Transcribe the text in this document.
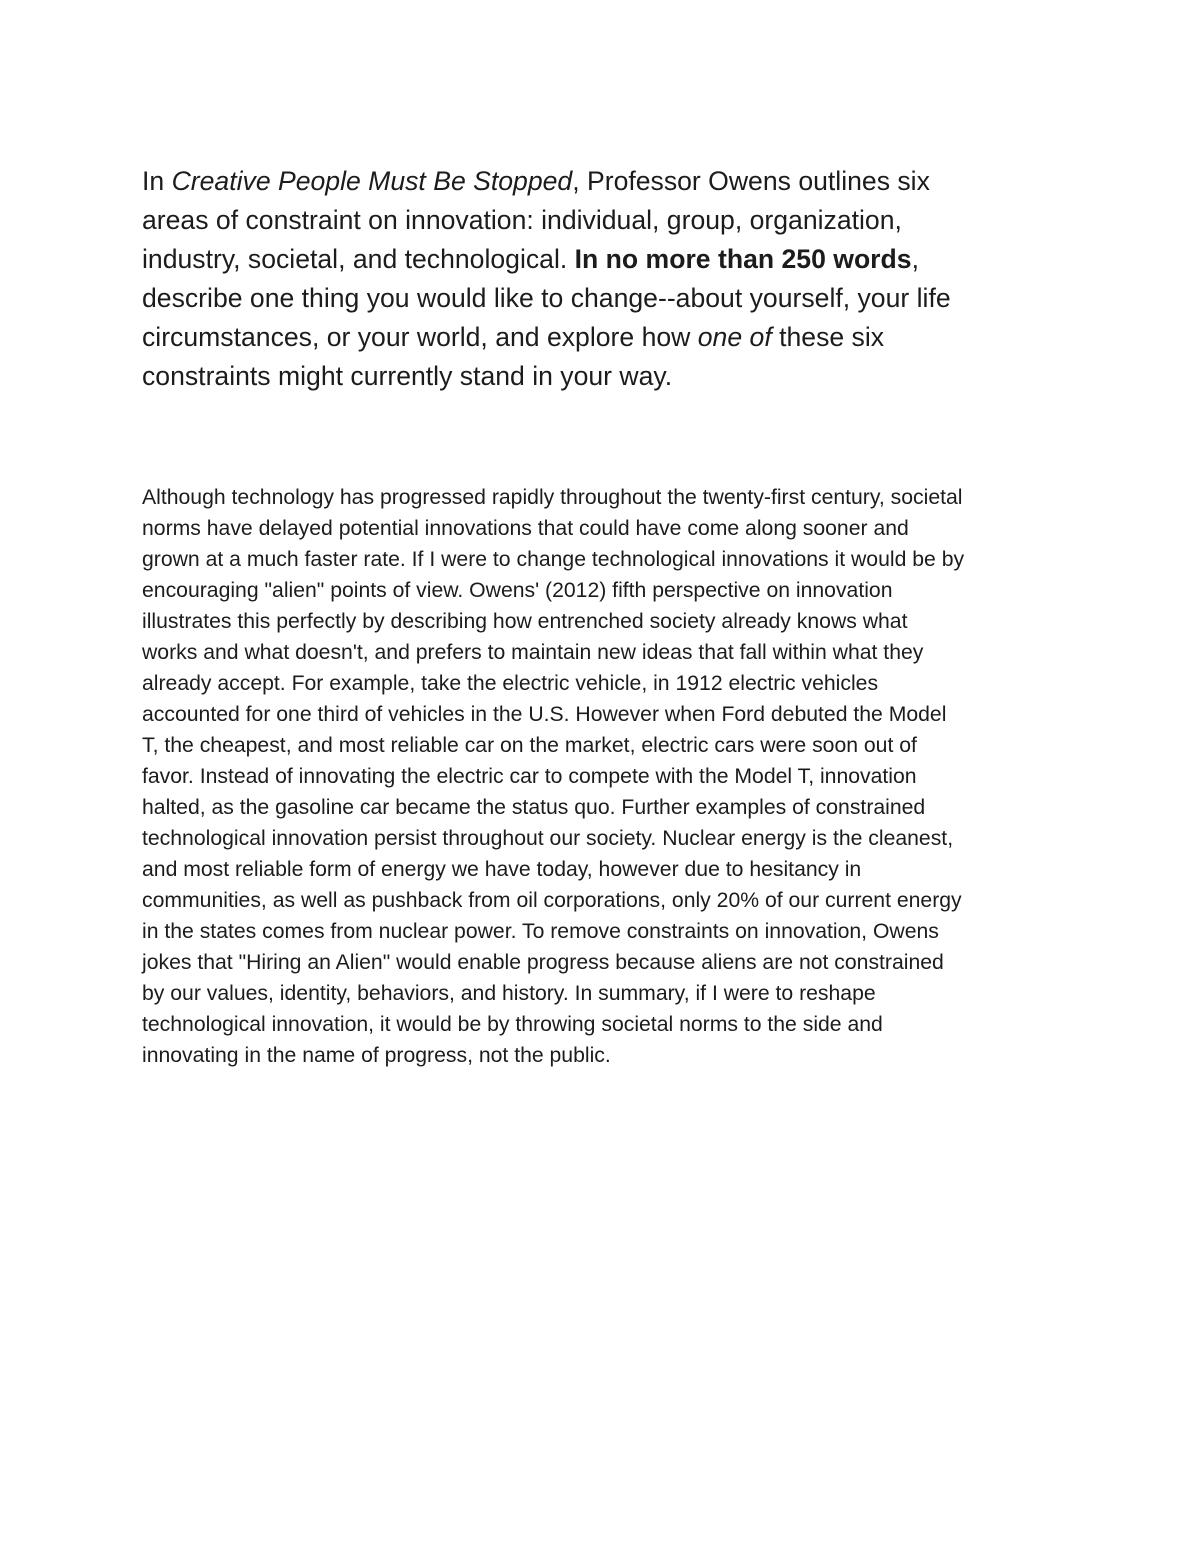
In Creative People Must Be Stopped, Professor Owens outlines six
areas of constraint on innovation: individual, group, organization,
industry, societal, and technological. In no more than 250 words,
describe one thing you would like to change--about yourself, your life
circumstances, or your world, and explore how one of these six
constraints might currently stand in your way.
Although technology has progressed rapidly throughout the twenty-first century, societal
norms have delayed potential innovations that could have come along sooner and
grown at a much faster rate. If I were to change technological innovations it would be by
encouraging "alien" points of view. Owens' (2012) fifth perspective on innovation
illustrates this perfectly by describing how entrenched society already knows what
works and what doesn't, and prefers to maintain new ideas that fall within what they
already accept. For example, take the electric vehicle, in 1912 electric vehicles
accounted for one third of vehicles in the U.S. However when Ford debuted the Model
T, the cheapest, and most reliable car on the market, electric cars were soon out of
favor. Instead of innovating the electric car to compete with the Model T, innovation
halted, as the gasoline car became the status quo. Further examples of constrained
technological innovation persist throughout our society. Nuclear energy is the cleanest,
and most reliable form of energy we have today, however due to hesitancy in
communities, as well as pushback from oil corporations, only 20% of our current energy
in the states comes from nuclear power. To remove constraints on innovation, Owens
jokes that "Hiring an Alien" would enable progress because aliens are not constrained
by our values, identity, behaviors, and history. In summary, if I were to reshape
technological innovation, it would be by throwing societal norms to the side and
innovating in the name of progress, not the public.
